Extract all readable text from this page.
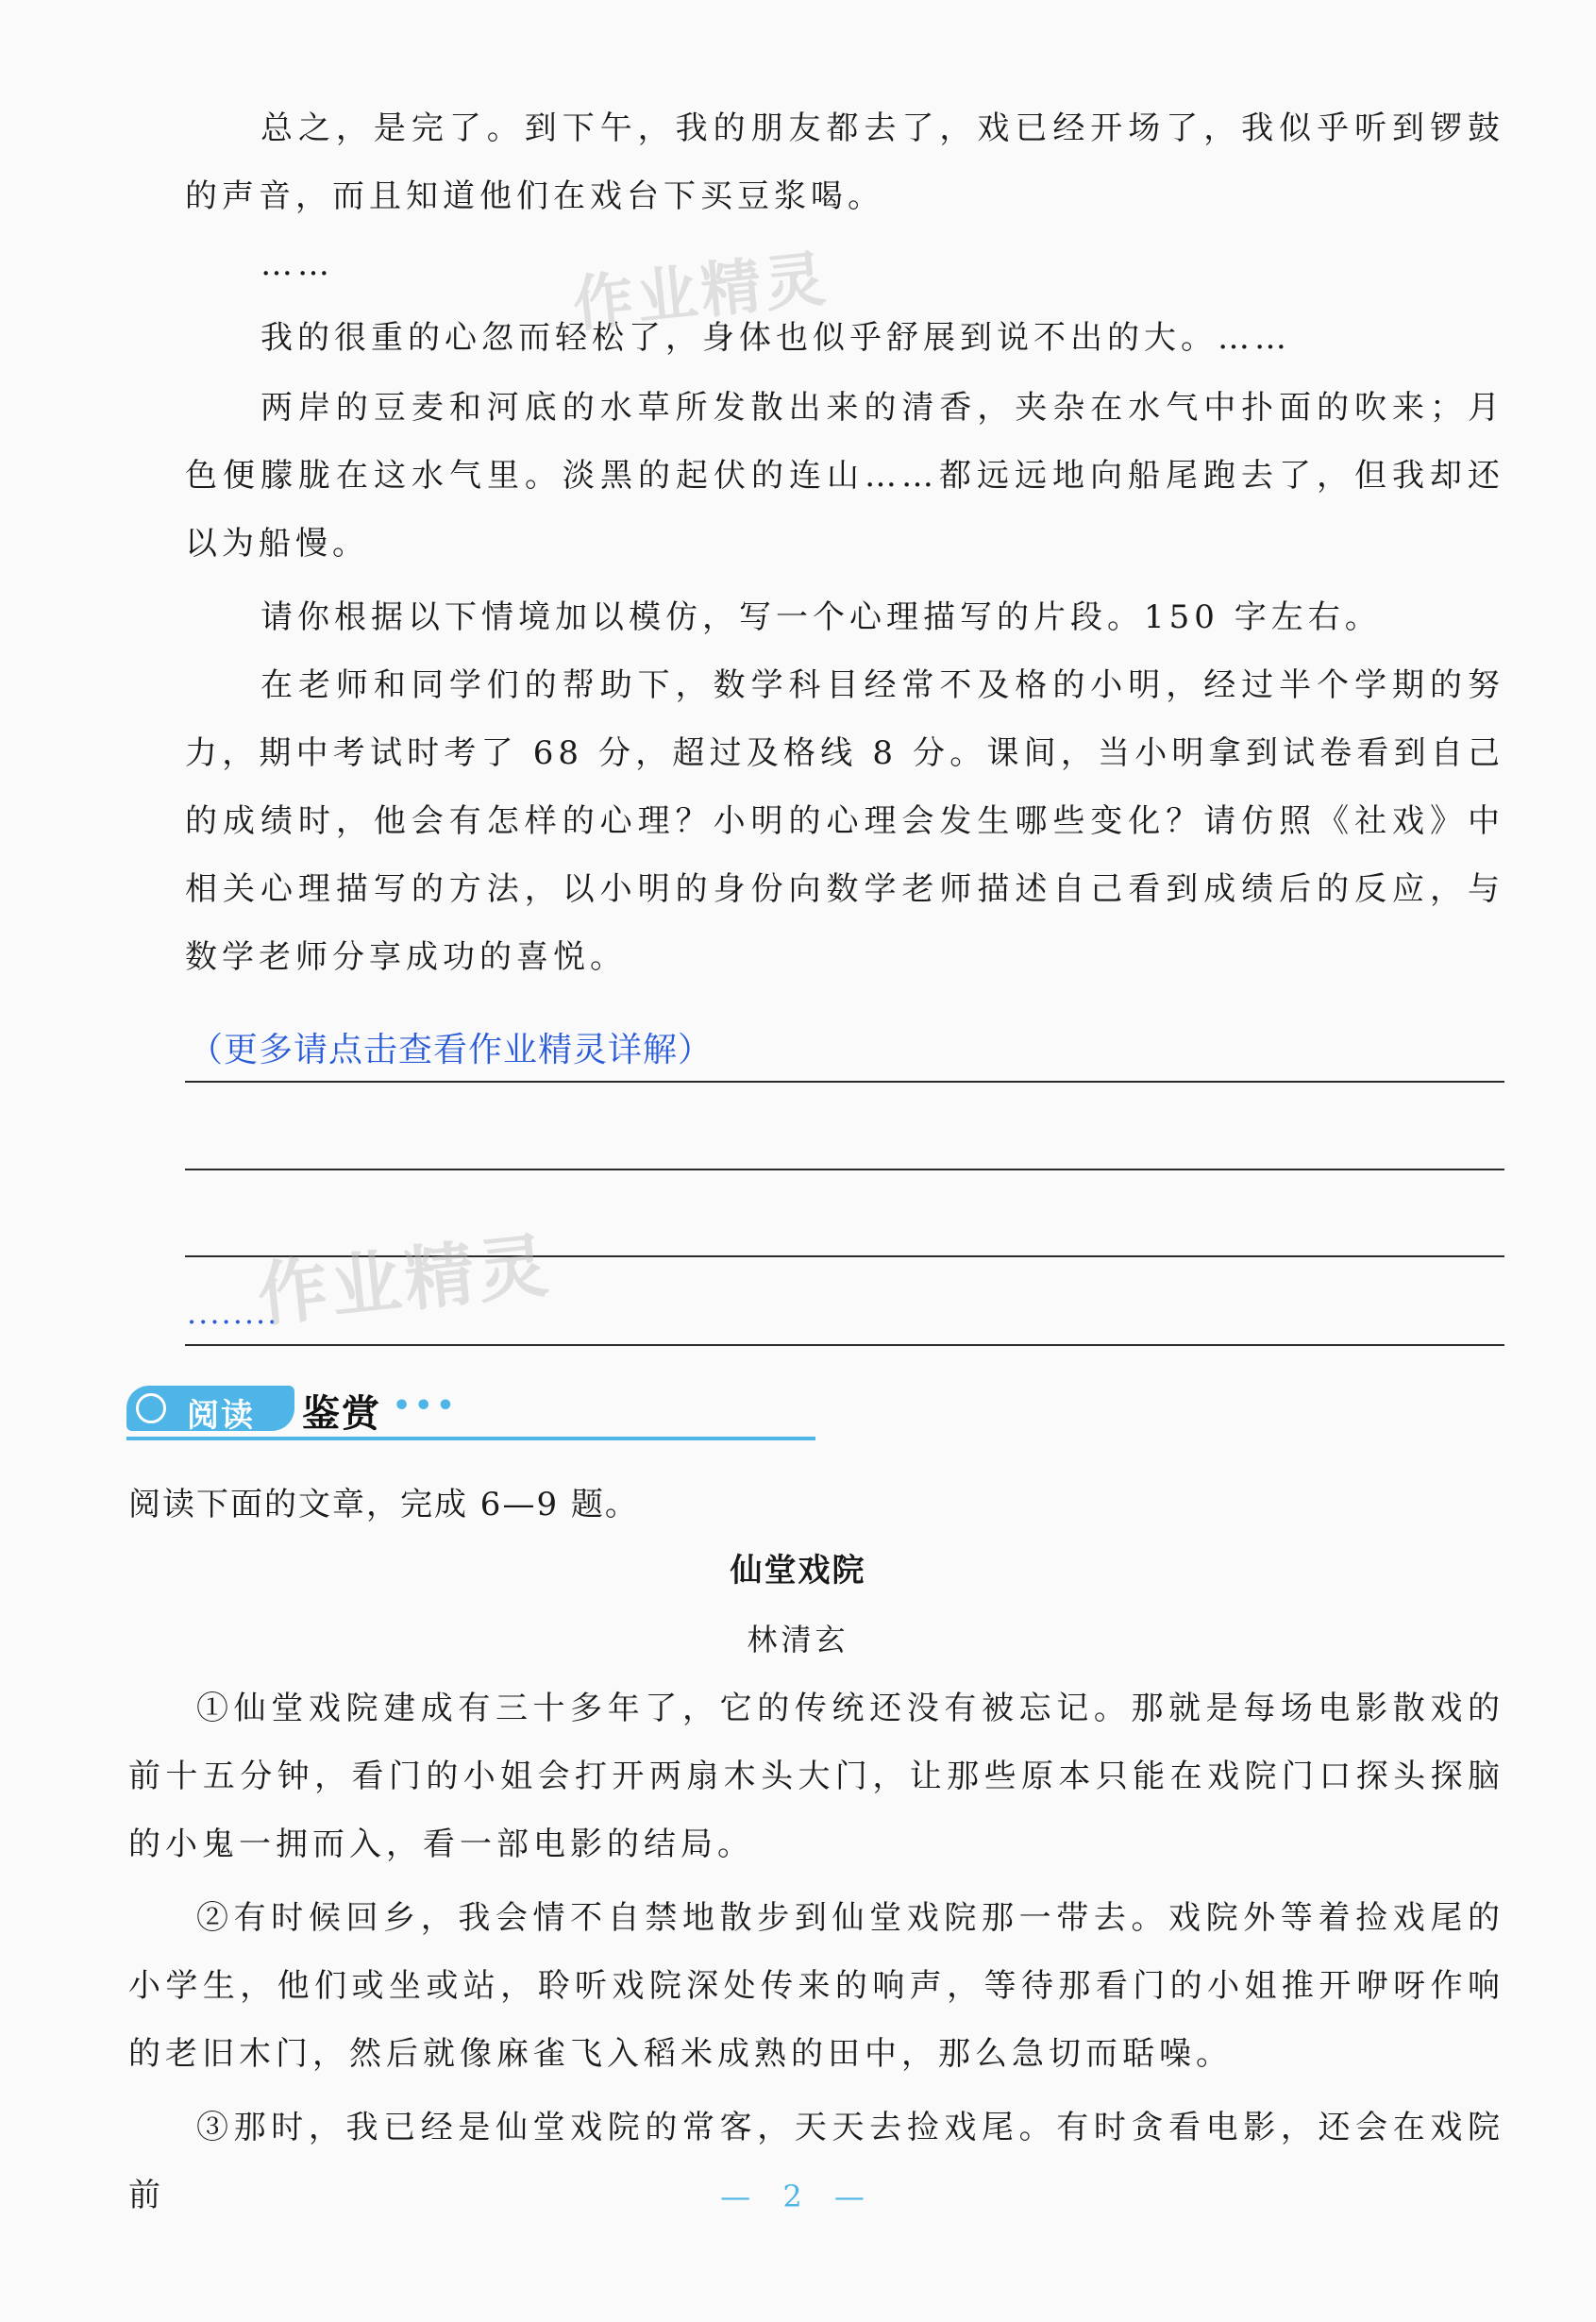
总之，是完了。到下午，我的朋友都去了，戏已经开场了，我似乎听到锣鼓的声音，而且知道他们在戏台下买豆浆喝。

……

我的很重的心忽而轻松了，身体也似乎舒展到说不出的大。……

两岸的豆麦和河底的水草所发散出来的清香，夹杂在水气中扑面的吹来；月色便朦胧在这水气里。淡黑的起伏的连山……都远远地向船尾跑去了，但我却还以为船慢。

请你根据以下情境加以模仿，写一个心理描写的片段。150 字左右。

在老师和同学们的帮助下，数学科目经常不及格的小明，经过半个学期的努力，期中考试时考了 68 分，超过及格线 8 分。课间，当小明拿到试卷看到自己的成绩时，他会有怎样的心理？小明的心理会发生哪些变化？请仿照《社戏》中相关心理描写的方法，以小明的身份向数学老师描述自己看到成绩后的反应，与数学老师分享成功的喜悦。

（更多请点击查看作业精灵详解）
........
作业精灵
作业精灵
阅读 鉴赏 •••

阅读下面的文章，完成 6—9 题。

仙堂戏院
林清玄

①仙堂戏院建成有三十多年了，它的传统还没有被忘记。那就是每场电影散戏的前十五分钟，看门的小姐会打开两扇木头大门，让那些原本只能在戏院门口探头探脑的小鬼一拥而入，看一部电影的结局。

②有时候回乡，我会情不自禁地散步到仙堂戏院那一带去。戏院外等着捡戏尾的小学生，他们或坐或站，聆听戏院深处传来的响声，等待那看门的小姐推开咿呀作响的老旧木门，然后就像麻雀飞入稻米成熟的田中，那么急切而聒噪。

③那时，我已经是仙堂戏院的常客，天天去捡戏尾。有时贪看电影，还会在戏院前	— 2 —
